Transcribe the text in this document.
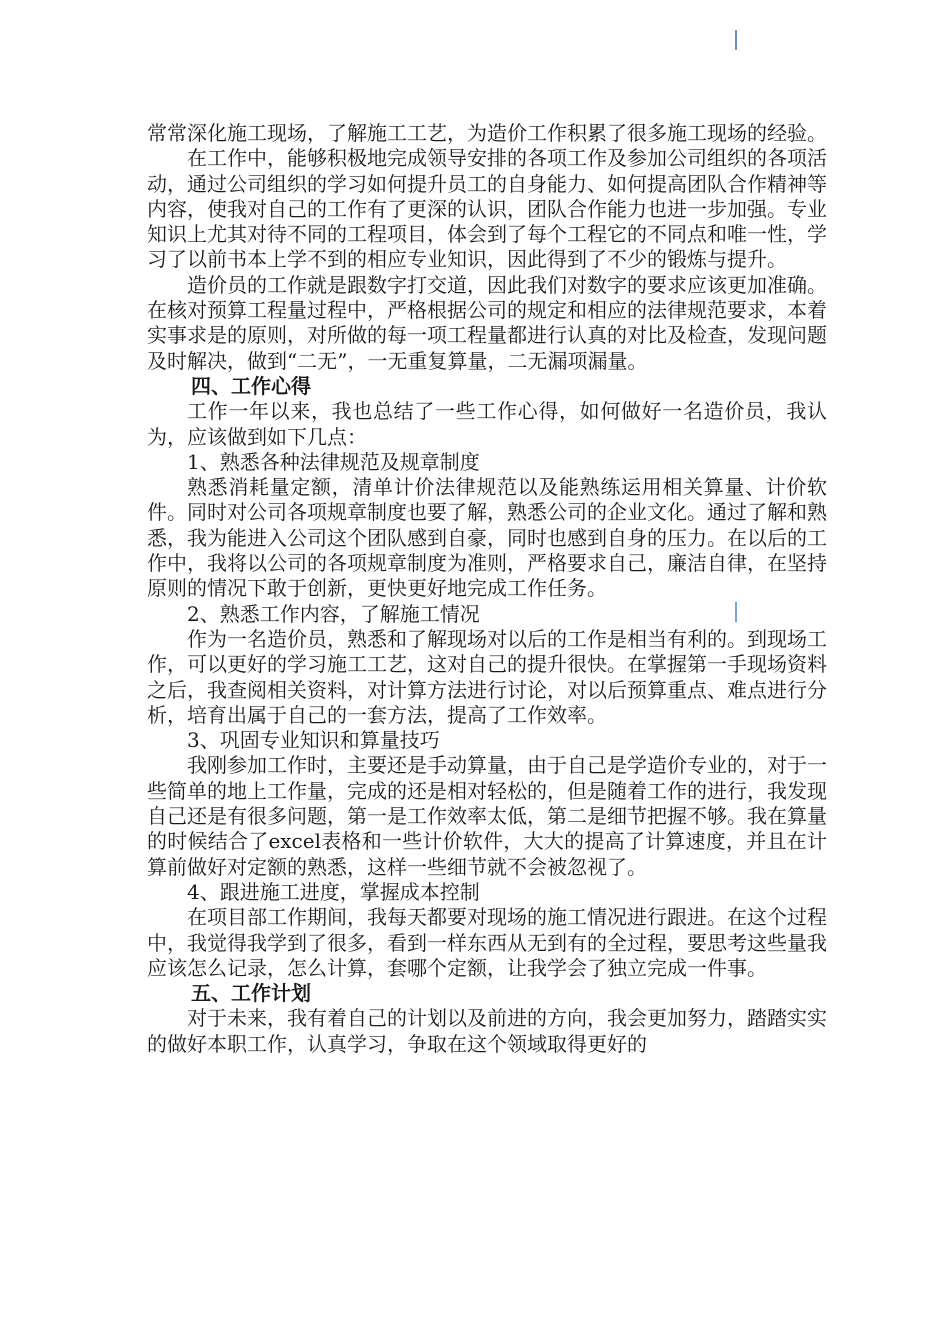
常常深化施工现场，了解施工工艺，为造价工作积累了很多施工现场的经验。

在工作中，能够积极地完成领导安排的各项工作及参加公司组织的各项活动，通过公司组织的学习如何提升员工的自身能力、如何提高团队合作精神等内容，使我对自己的工作有了更深的认识，团队合作能力也进一步加强。专业知识上尤其对待不同的工程项目，体会到了每个工程它的不同点和唯一性，学习了以前书本上学不到的相应专业知识，因此得到了不少的锻炼与提升。

造价员的工作就是跟数字打交道，因此我们对数字的要求应该更加准确。在核对预算工程量过程中，严格根据公司的规定和相应的法律规范要求，本着实事求是的原则，对所做的每一项工程量都进行认真的对比及检查，发现问题及时解决，做到“二无”，一无重复算量，二无漏项漏量。

四、工作心得

工作一年以来，我也总结了一些工作心得，如何做好一名造价员，我认为，应该做到如下几点：

1、熟悉各种法律规范及规章制度

熟悉消耗量定额，清单计价法律规范以及能熟练运用相关算量、计价软件。同时对公司各项规章制度也要了解，熟悉公司的企业文化。通过了解和熟悉，我为能进入公司这个团队感到自豪，同时也感到自身的压力。在以后的工作中，我将以公司的各项规章制度为准则，严格要求自己，廉洁自律，在坚持原则的情况下敢于创新，更快更好地完成工作任务。

2、熟悉工作内容，了解施工情况

作为一名造价员，熟悉和了解现场对以后的工作是相当有利的。到现场工作，可以更好的学习施工工艺，这对自己的提升很快。在掌握第一手现场资料之后，我查阅相关资料，对计算方法进行讨论，对以后预算重点、难点进行分析，培育出属于自己的一套方法，提高了工作效率。

3、巩固专业知识和算量技巧

我刚参加工作时，主要还是手动算量，由于自己是学造价专业的，对于一些简单的地上工作量，完成的还是相对轻松的，但是随着工作的进行，我发现自己还是有很多问题，第一是工作效率太低，第二是细节把握不够。我在算量的时候结合了excel表格和一些计价软件，大大的提高了计算速度，并且在计算前做好对定额的熟悉，这样一些细节就不会被忽视了。

4、跟进施工进度，掌握成本控制

在项目部工作期间，我每天都要对现场的施工情况进行跟进。在这个过程中，我觉得我学到了很多，看到一样东西从无到有的全过程，要思考这些量我应该怎么记录，怎么计算，套哪个定额，让我学会了独立完成一件事。

五、工作计划

对于未来，我有着自己的计划以及前进的方向，我会更加努力，踏踏实实的做好本职工作，认真学习，争取在这个领域取得更好的
